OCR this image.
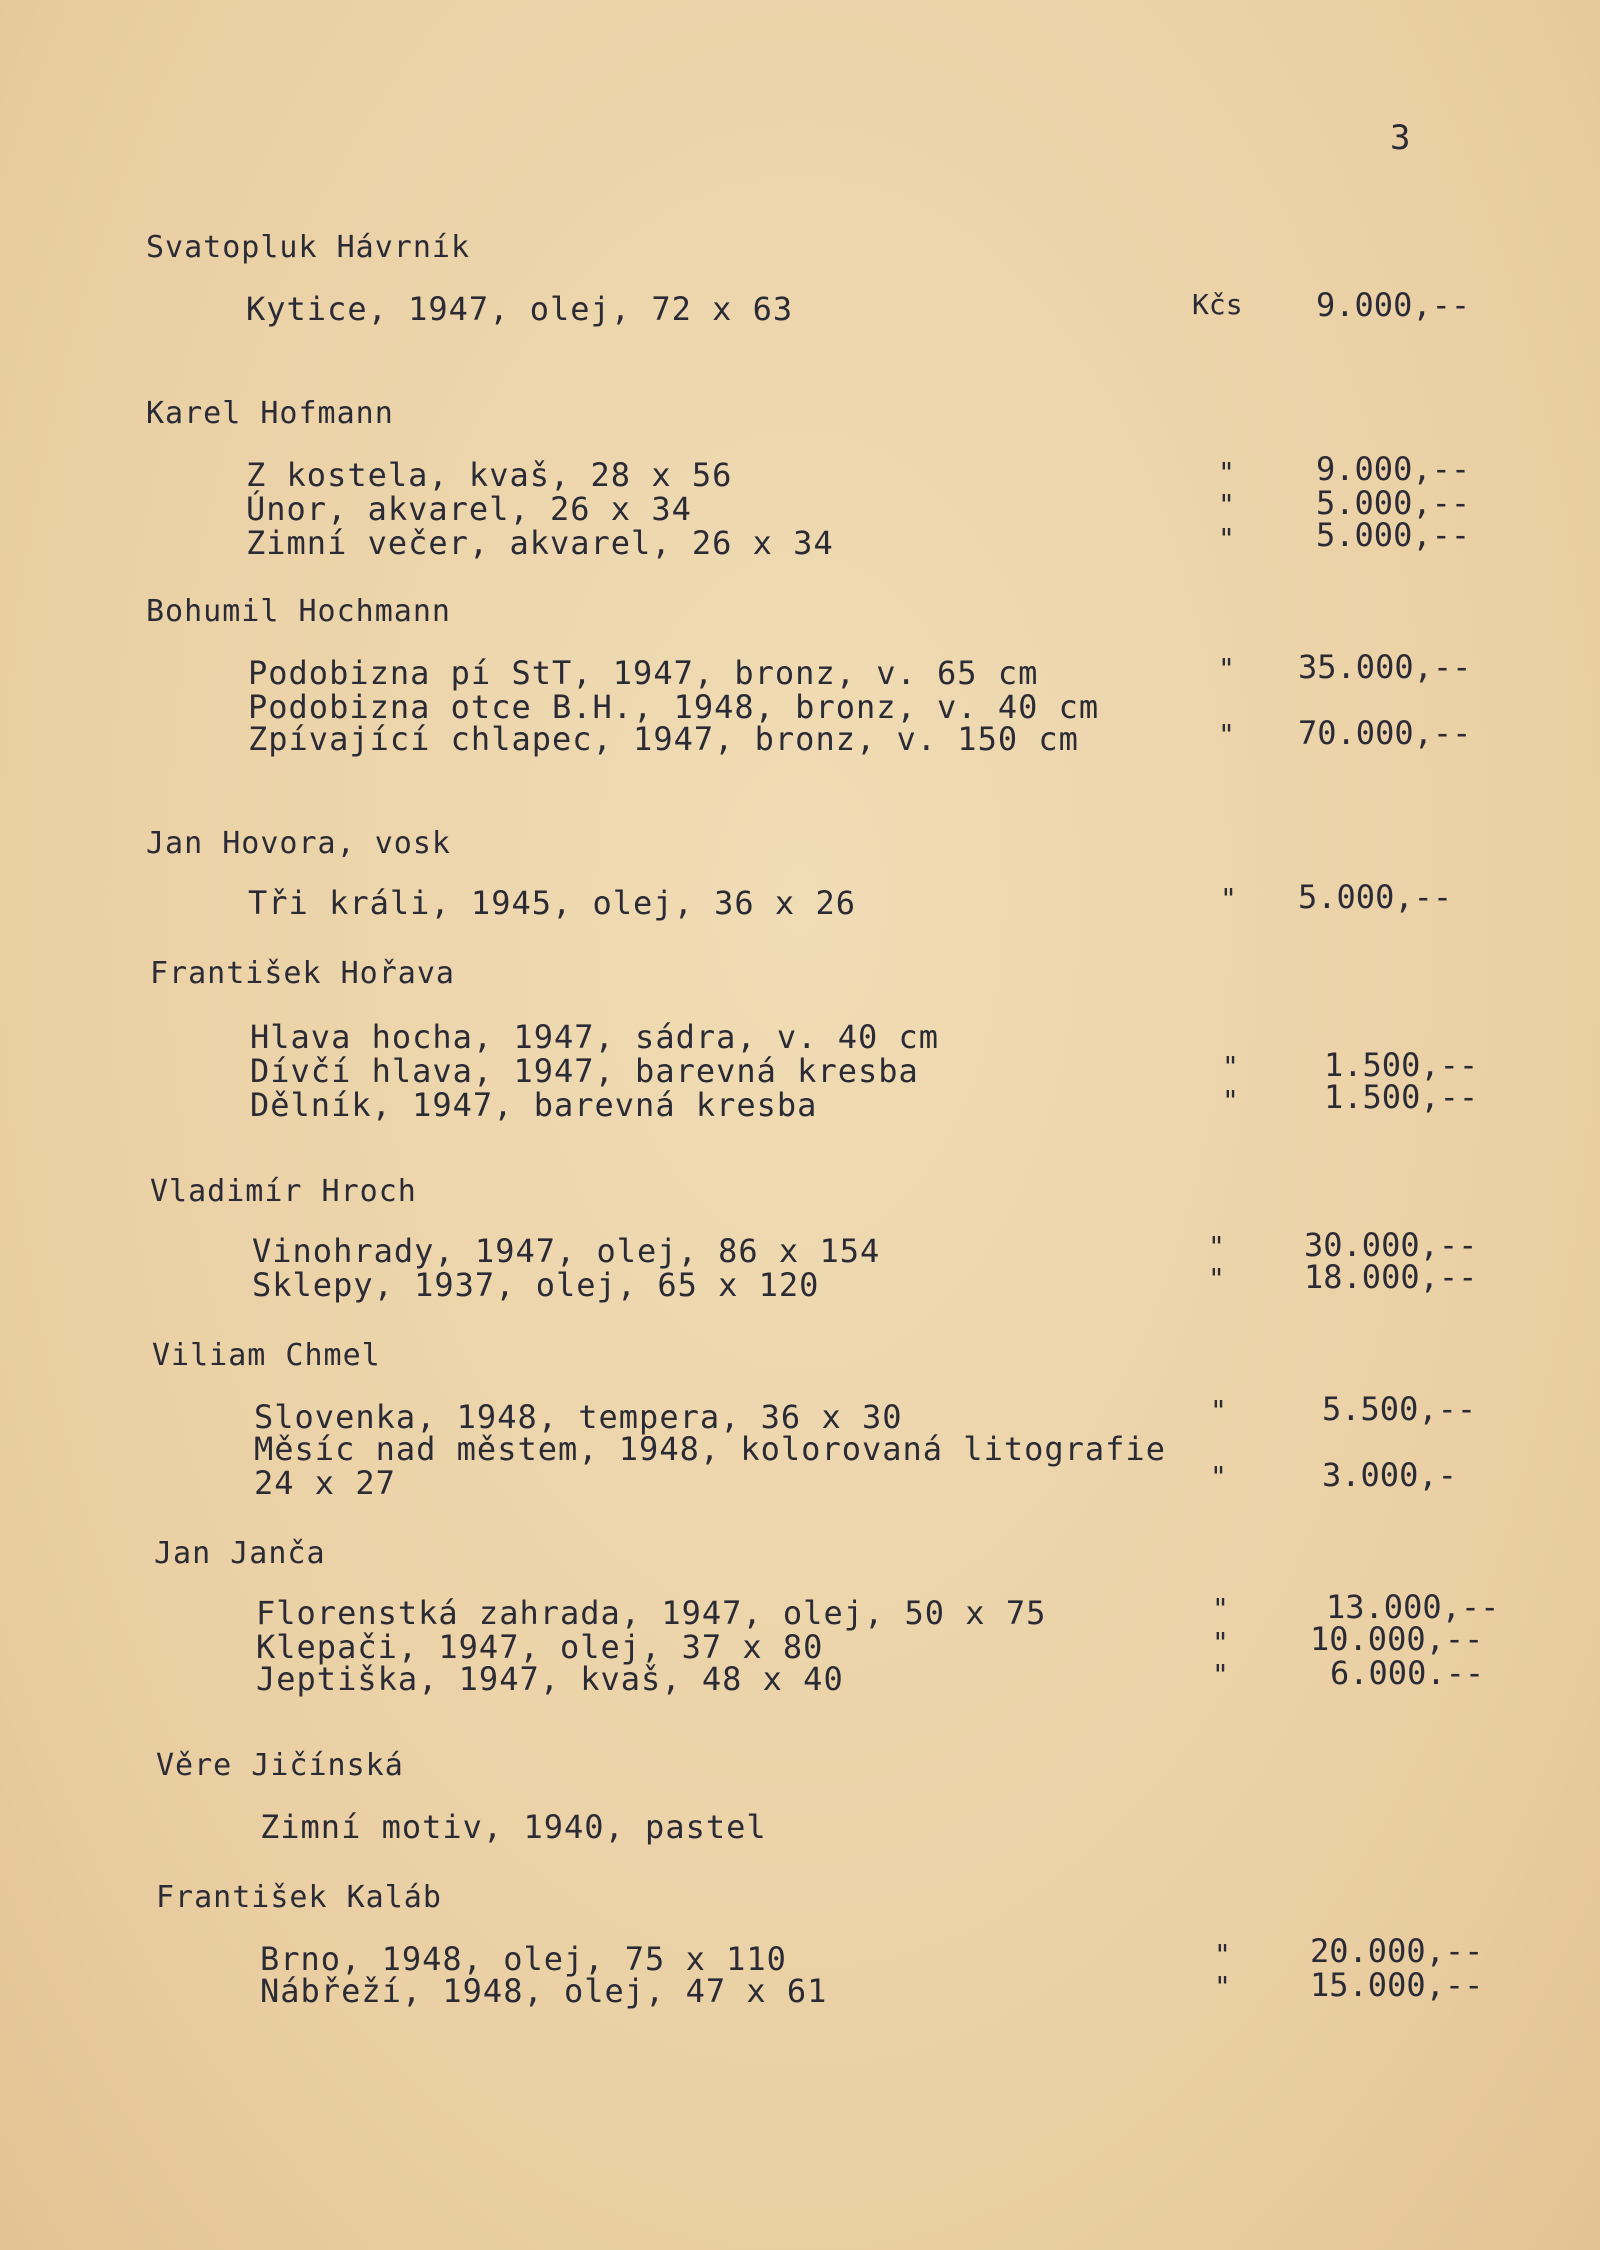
3
Svatopluk Hávrník
Kytice, 1947, olej, 72 x 63	Kčs 9.000,--
Karel Hofmann
Z kostela, kvaš, 28 x 56	"	9.000,--
Únor, akvarel, 26 x 34	"	5.000,--
Zimní večer, akvarel, 26 x 34	"	5.000,--
Bohumil Hochmann
Podobizna pí StT, 1947, bronz, v. 65 cm	" 35.000,--
Podobizna otce B.H., 1948, bronz, v. 40 cm
Zpívající chlapec, 1947, bronz, v. 150 cm	" 70.000,--
Jan Hovora, vosk
Tři králi, 1945, olej, 36 x 26	" 5.000,--
František Hořava
Hlava hocha, 1947, sádra, v. 40 cm
Dívčí hlava, 1947, barevná kresba	"	1.500,--
Dělník, 1947, barevná kresba	"	1.500,--
Vladimír Hroch
Vinohrady, 1947, olej, 86 x 154	" 30.000,--
Sklepy, 1937, olej, 65 x 120	" 18.000,--
Viliam Chmel
Slovenka, 1948, tempera, 36 x 30	"	5.500,--
Měsíc nad městem, 1948, kolorovaná litografie
24 x 27	"	3.000,-
Jan Janča
Florenstká zahrada, 1947, olej, 50 x 75	"	13.000,--
Klepači, 1947, olej, 37 x 80	"	10.000,--
Jeptiška, 1947, kvaš, 48 x 40	"	6.000.--
Věre Jičínská
Zimní motiv, 1940, pastel
František Kaláb
Brno, 1948, olej, 75 x 110	" 20.000,--
Nábřeží, 1948, olej, 47 x 61	" 15.000,--
